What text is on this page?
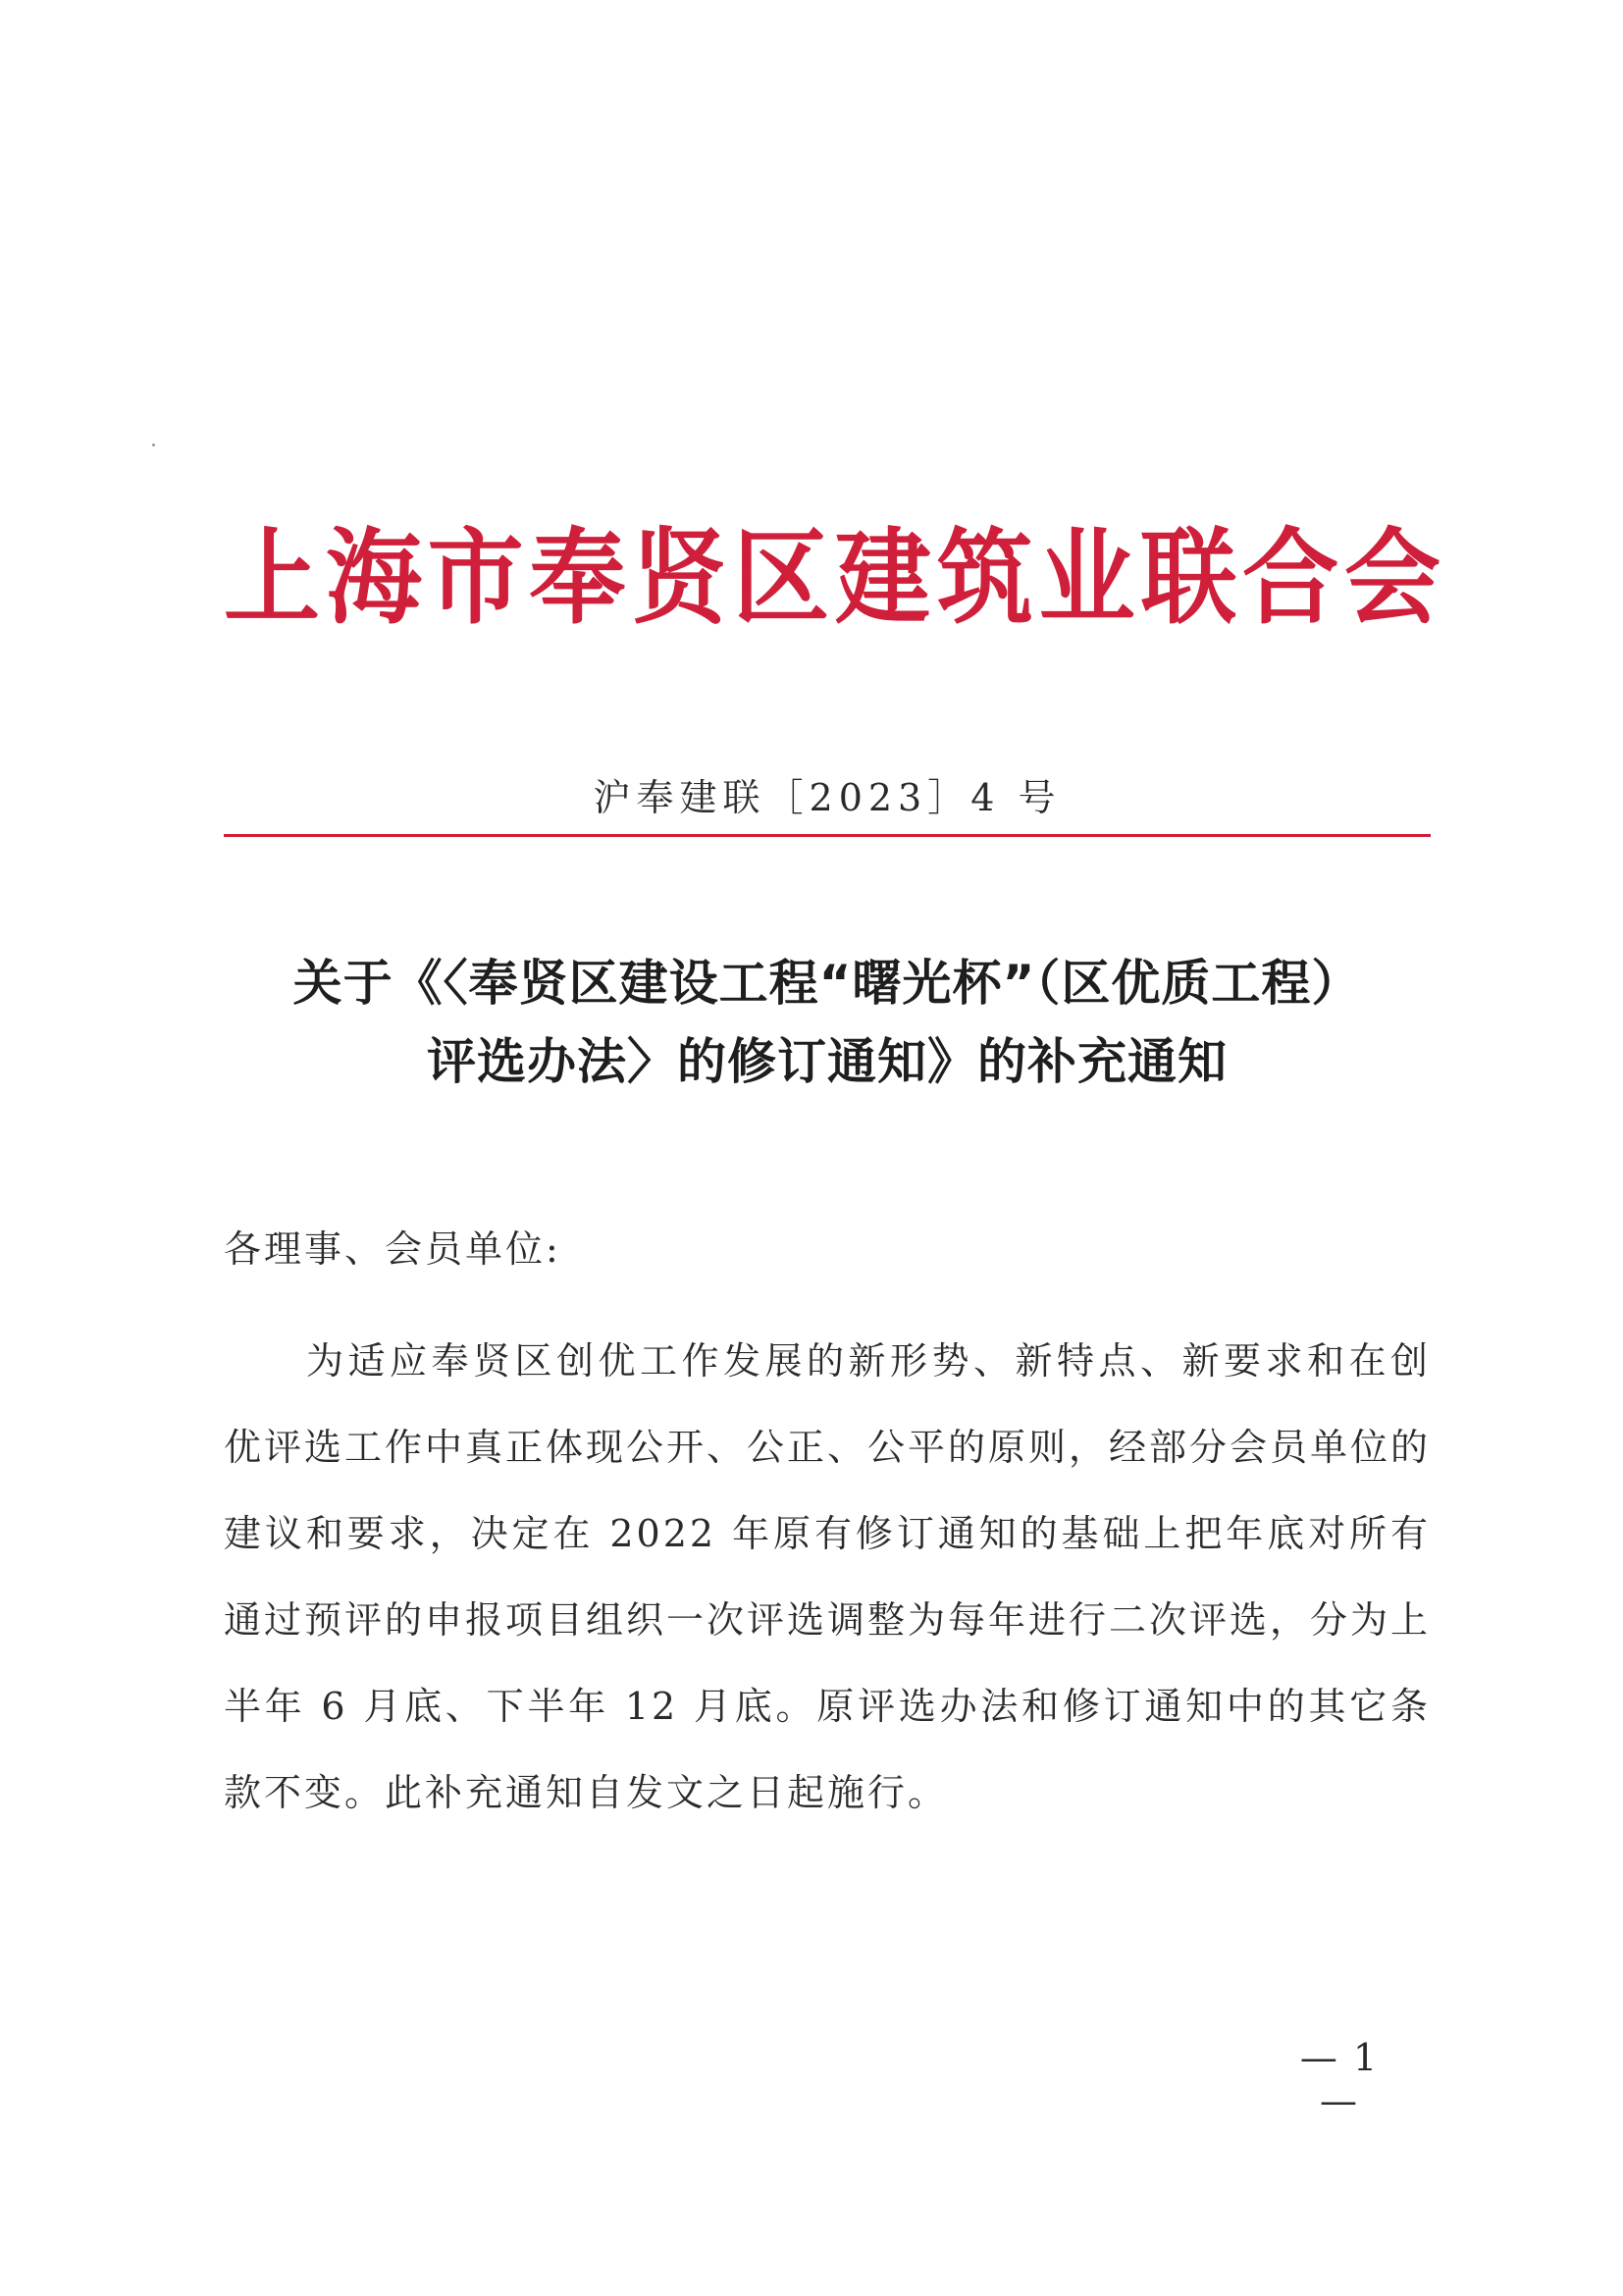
上 海 市 奉 贤 区 建 筑 业 联 合 会
沪奉建联［2023］4 号
关于《〈奉贤区建设工程“曙光杯”（区优质工程）
评选办法〉的修订通知》的补充通知
各理事、会员单位:

为适应奉贤区创优工作发展的新形势、新特点、新要求和在创优评选工作中真正体现公开、公正、公平的原则，经部分会员单位的建议和要求，决定在 2022 年原有修订通知的基础上把年底对所有通过预评的申报项目组织一次评选调整为每年进行二次评选，分为上半年 6 月底、下半年 12 月底。原评选办法和修订通知中的其它条款不变。此补充通知自发文之日起施行。

— 1 —
